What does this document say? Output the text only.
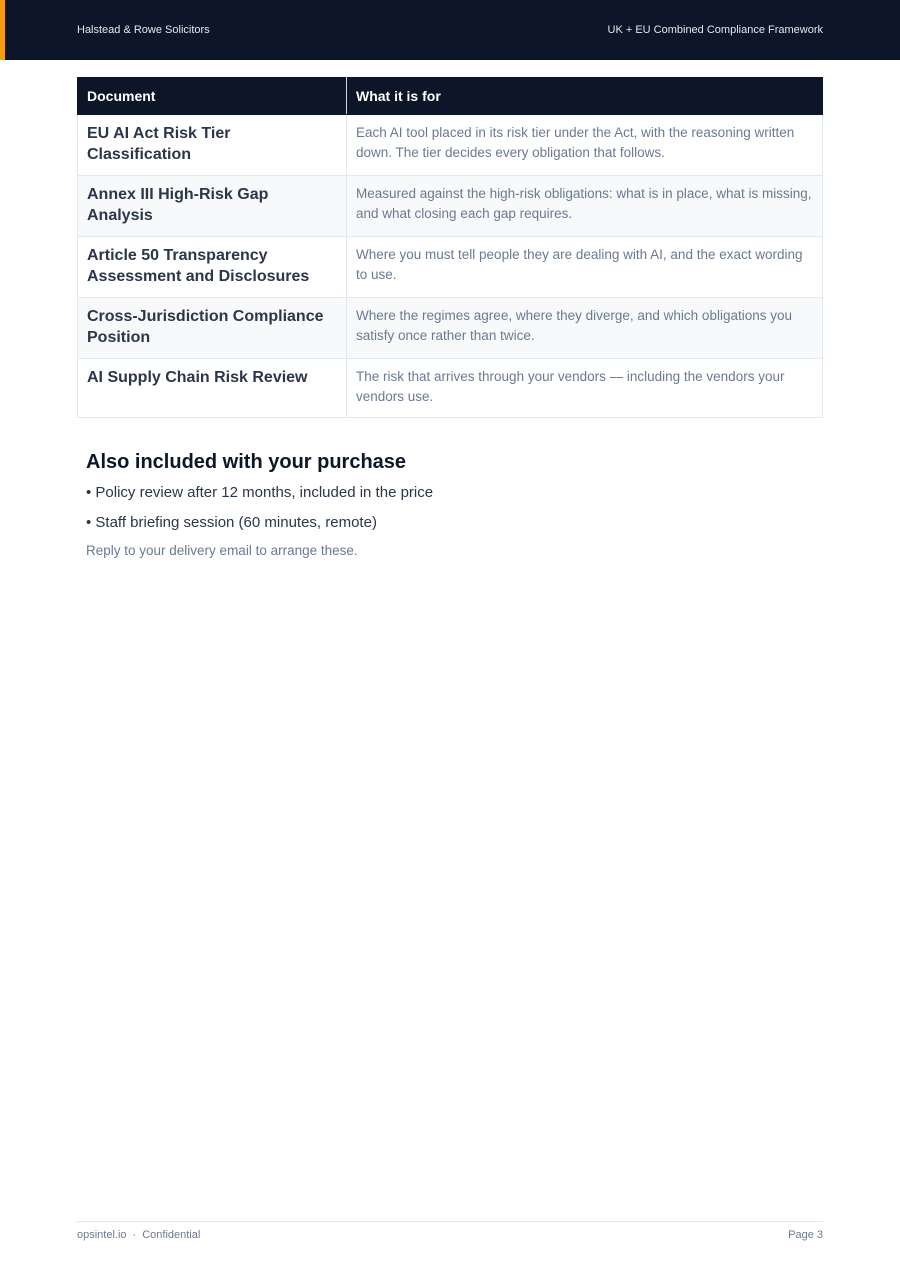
Halstead & Rowe Solicitors	UK + EU Combined Compliance Framework
Document	What it is for
EU AI Act Risk Tier Classification	Each AI tool placed in its risk tier under the Act, with the reasoning written down. The tier decides every obligation that follows.
Annex III High-Risk Gap Analysis	Measured against the high-risk obligations: what is in place, what is missing, and what closing each gap requires.
Article 50 Transparency Assessment and Disclosures	Where you must tell people they are dealing with AI, and the exact wording to use.
Cross-Jurisdiction Compliance Position	Where the regimes agree, where they diverge, and which obligations you satisfy once rather than twice.
AI Supply Chain Risk Review	The risk that arrives through your vendors — including the vendors your vendors use.
Also included with your purchase
• Policy review after 12 months, included in the price
• Staff briefing session (60 minutes, remote)
Reply to your delivery email to arrange these.
opsintel.io · Confidential	Page 3
